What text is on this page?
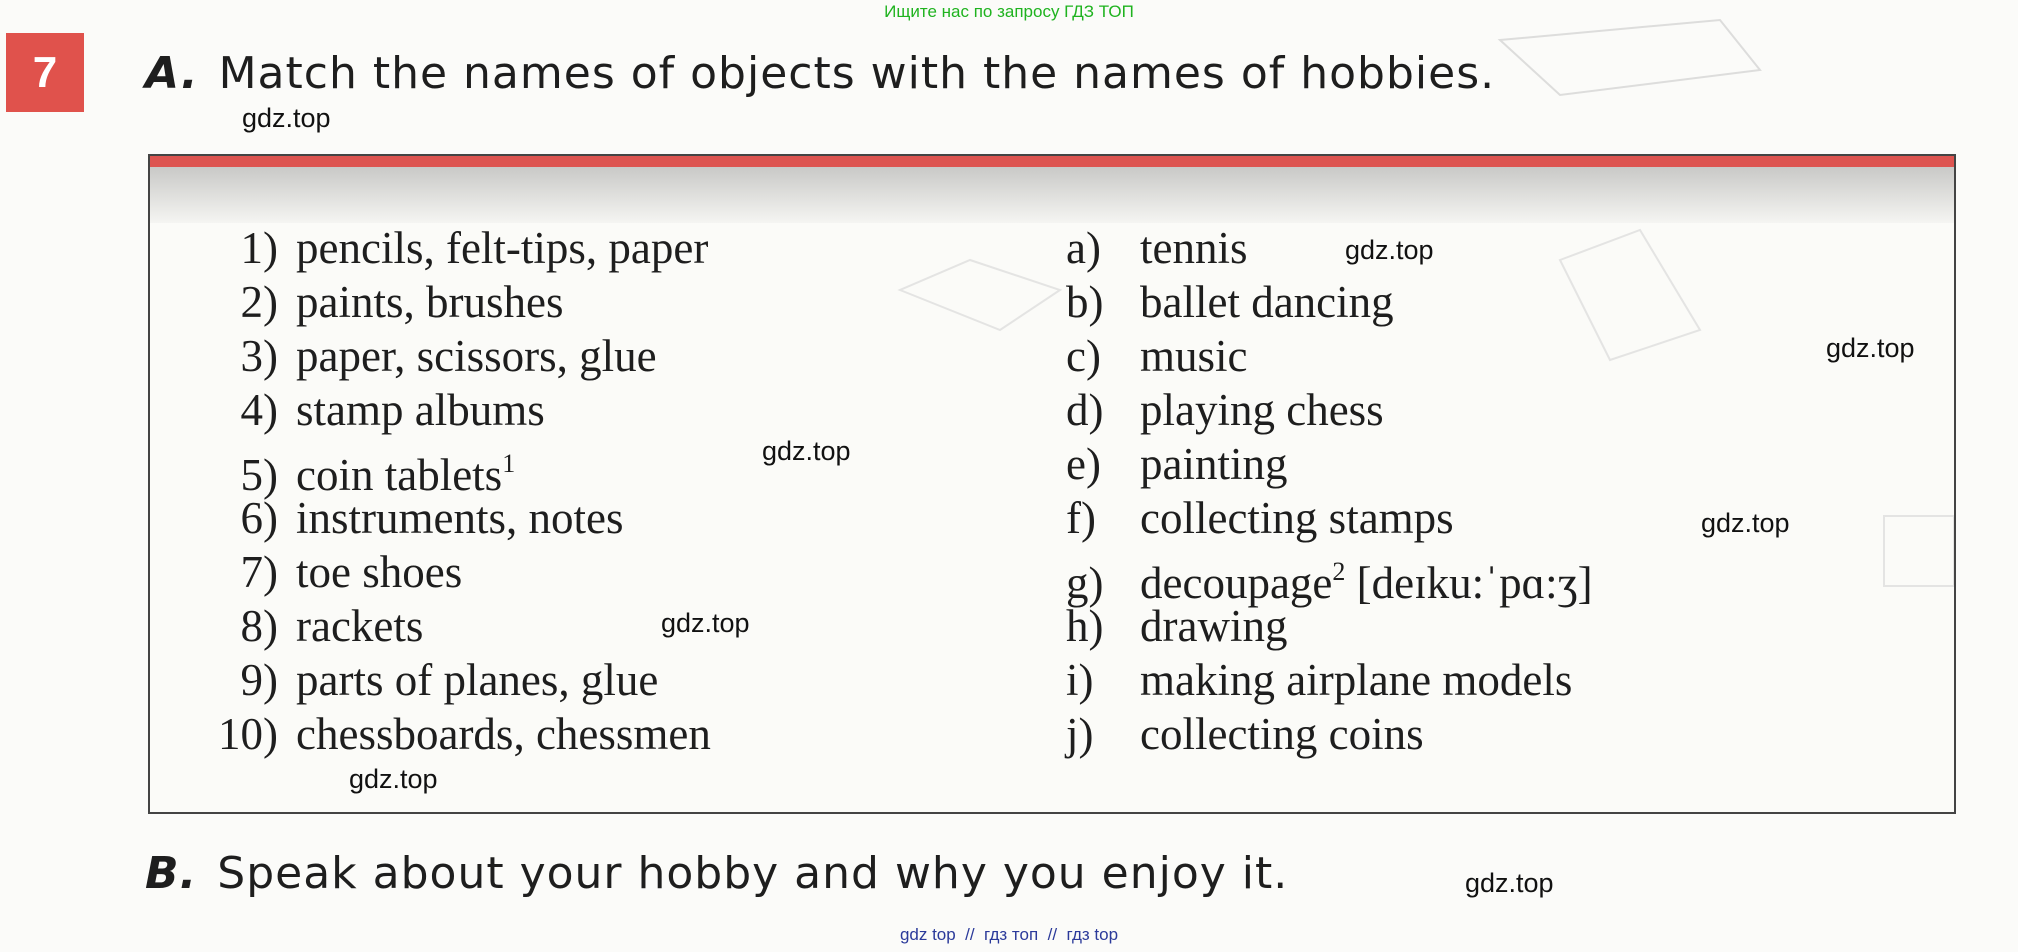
Ищите нас по запросу ГДЗ ТОП
7	A. Match the names of objects with the names of hobbies.
1) pencils, felt-tips, paper
2) paints, brushes
3) paper, scissors, glue
4) stamp albums
5) coin tablets$^1$
6) instruments, notes
7) toe shoes
8) rackets
9) parts of planes, glue
10) chessboards, chessmen
a) tennis
b) ballet dancing
c) music
d) playing chess
e) painting
f) collecting stamps
g) decoupage$^2$ [deɪku:ˈpɑ:ʒ]
h) drawing
i) making airplane models
j) collecting coins
B. Speak about your hobby and why you enjoy it.
gdz.top
gdz.top
gdz.top
gdz.top
gdz.top
gdz.top
gdz.top
gdz.top
gdz top  //  гдз топ  //  гдз top
